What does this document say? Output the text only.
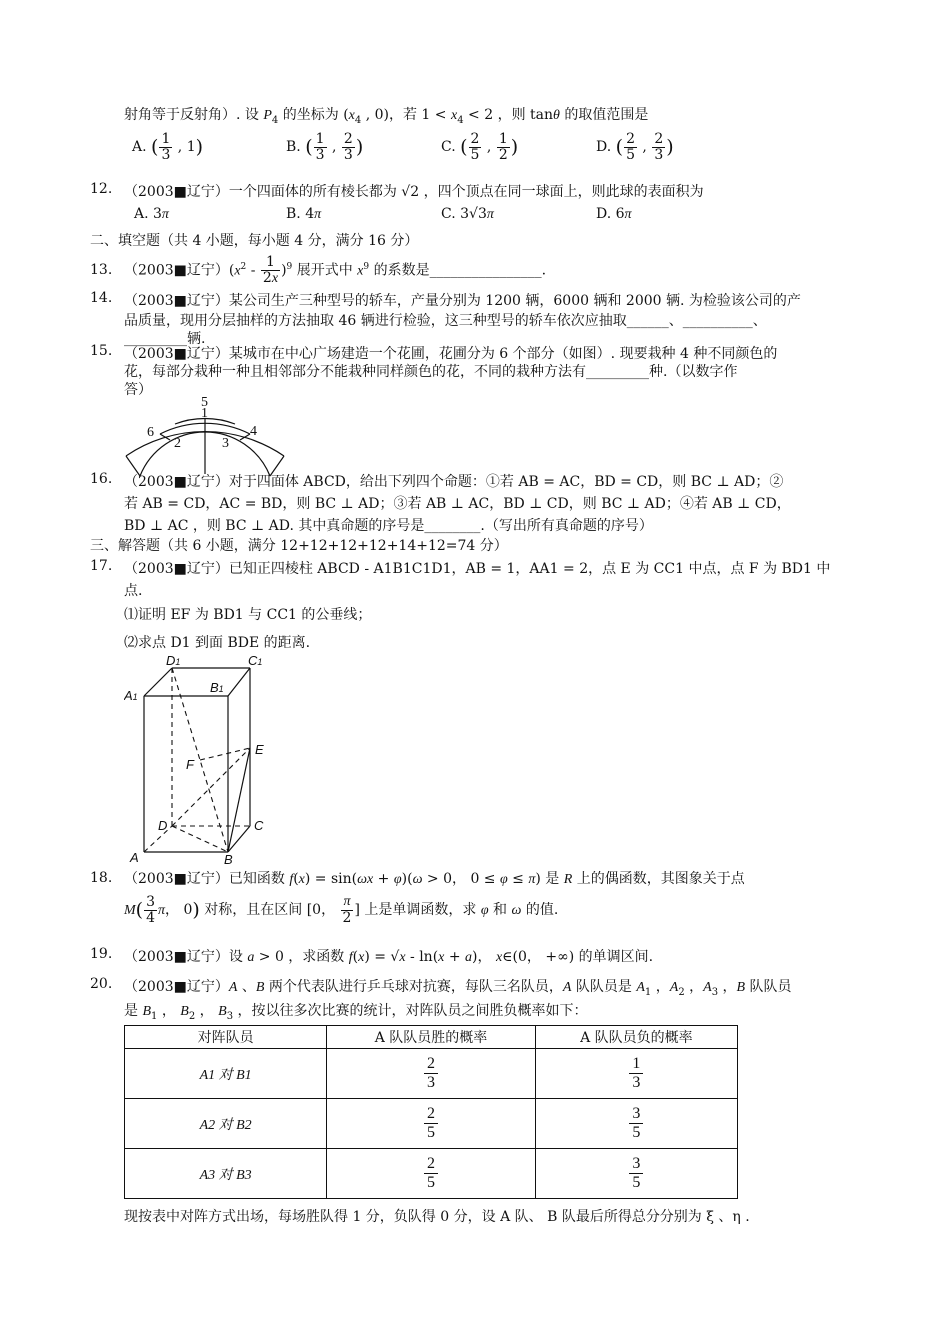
射角等于反射角）. 设 $P_4$ 的坐标为 ($x_4$ , 0)，若 $1 < x_4 < 2$ ，则 tanθ 的取值范围是
A. ( $\frac{1}{3}$ , 1)	B. ( $\frac{1}{3}$ , $\frac{2}{3}$ )	C. ( $\frac{2}{5}$ , $\frac{1}{2}$ )	D. ( $\frac{2}{5}$ , $\frac{2}{3}$ )
12. （2003■辽宁）一个四面体的所有棱长都为 √2 ，四个顶点在同一球面上，则此球的表面积为
A. 3π	B. 4π	C. 3√3π	D. 6π
二、填空题（共 4 小题，每小题 4 分，满分 16 分）
13. （2003■辽宁）$(x^2 - \frac{1}{2x} )^9$ 展开式中 $x^9$ 的系数是________________.
14. （2003■辽宁）某公司生产三种型号的轿车，产量分别为 1200 辆，6000 辆和 2000 辆. 为检验该公司的产
品质量，现用分层抽样的方法抽取 46 辆进行检验，这三种型号的轿车依次应抽取______、__________、
_________辆.
15. （2003■辽宁）某城市在中心广场建造一个花圃，花圃分为 6 个部分（如图）. 现要栽种 4 种不同颜色的
花，每部分栽种一种且相邻部分不能栽种同样颜色的花，不同的栽种方法有_________种.（以数字作
答）
6
2	3
4
5
1
16. （2003■辽宁）对于四面体 ABCD，给出下列四个命题：①若 AB = AC，BD = CD，则 BC ⊥ AD；②
若 AB = CD，AC = BD，则 BC ⊥ AD；③若 AB ⊥ AC，BD ⊥ CD，则 BC ⊥ AD；④若 AB ⊥ CD，
BD ⊥ AC ，则 BC ⊥ AD. 其中真命题的序号是________.（写出所有真命题的序号）
三、解答题（共 6 小题，满分 12+12+12+12+14+12=74 分）
17. （2003■辽宁）已知正四棱柱 ABCD - A1B1C1D1，AB = 1，AA1 = 2，点 E 为 CC1 中点，点 F 为 BD1 中
点.
⑴证明 EF 为 BD1 与 CC1 的公垂线；
⑵求点 D1 到面 BDE 的距离.
D1	C1
A1
B1
E
F
D	C
A	B
18. （2003■辽宁）已知函数 f(x) = sin(ωx + φ)(ω > 0， 0 ≤ φ ≤ π) 是 R 上的偶函数，其图象关于点
$M( \frac{3}{4}$ π， 0) 对称，且在区间 [0， $\frac{\pi}{2}$ ] 上是单调函数，求 φ 和 ω 的值.
19. （2003■辽宁）设 a > 0 ，求函数 f(x) = √x - ln(x + a)， x∈(0， +∞) 的单调区间.
20. （2003■辽宁）A 、B 两个代表队进行乒乓球对抗赛，每队三名队员，A 队队员是 $A_1$ ，$A_2$ ，$A_3$ ，B 队队员
是 $B_1$ ， $B_2$ ， $B_3$ ，按以往多次比赛的统计，对阵队员之间胜负概率如下：
对阵队员	A 队队员胜的概率	A 队队员负的概率
A1 对 B1	$\frac{2}{3}$	$\frac{1}{3}$
A2 对 B2	$\frac{2}{5}$	$\frac{3}{5}$
A3 对 B3	$\frac{2}{5}$	$\frac{3}{5}$
现按表中对阵方式出场，每场胜队得 1 分，负队得 0 分，设 A 队、 B 队最后所得总分分别为 ξ 、η .
